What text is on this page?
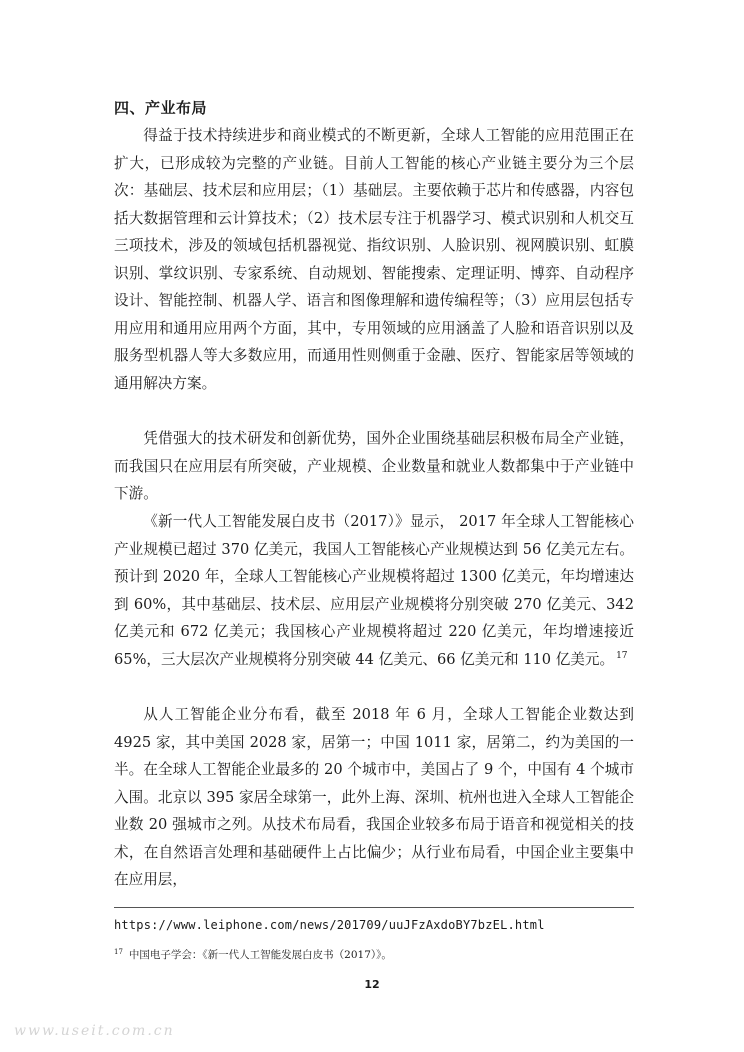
四、产业布局

得益于技术持续进步和商业模式的不断更新，全球人工智能的应用范围正在扩大，已形成较为完整的产业链。目前人工智能的核心产业链主要分为三个层次：基础层、技术层和应用层；（1）基础层。主要依赖于芯片和传感器，内容包括大数据管理和云计算技术；（2）技术层专注于机器学习、模式识别和人机交互三项技术，涉及的领域包括机器视觉、指纹识别、人脸识别、视网膜识别、虹膜识别、掌纹识别、专家系统、自动规划、智能搜索、定理证明、博弈、自动程序设计、智能控制、机器人学、语言和图像理解和遗传编程等；（3）应用层包括专用应用和通用应用两个方面，其中，专用领域的应用涵盖了人脸和语音识别以及服务型机器人等大多数应用，而通用性则侧重于金融、医疗、智能家居等领域的通用解决方案。

凭借强大的技术研发和创新优势，国外企业围绕基础层积极布局全产业链，而我国只在应用层有所突破，产业规模、企业数量和就业人数都集中于产业链中下游。

《新一代人工智能发展白皮书（2017）》显示， 2017 年全球人工智能核心产业规模已超过 370 亿美元，我国人工智能核心产业规模达到 56 亿美元左右。预计到 2020 年，全球人工智能核心产业规模将超过 1300 亿美元，年均增速达到 60%，其中基础层、技术层、应用层产业规模将分别突破 270 亿美元、342 亿美元和 672 亿美元；我国核心产业规模将超过 220 亿美元，年均增速接近 65%，三大层次产业规模将分别突破 44 亿美元、66 亿美元和 110 亿美元。 $^{17}$

从人工智能企业分布看，截至 2018 年 6 月，全球人工智能企业数达到 4925 家，其中美国 2028 家，居第一；中国 1011 家，居第二，约为美国的一半。在全球人工智能企业最多的 20 个城市中，美国占了 9 个，中国有 4 个城市入围。北京以 395 家居全球第一，此外上海、深圳、杭州也进入全球人工智能企业数 20 强城市之列。从技术布局看，我国企业较多布局于语音和视觉相关的技术，在自然语言处理和基础硬件上占比偏少；从行业布局看，中国企业主要集中在应用层，

https://www.leiphone.com/news/201709/uuJFzAxdoBY7bzEL.html
$^{17}$ 中国电子学会：《新一代人工智能发展白皮书（2017）》。
12
www.useit.com.cn
